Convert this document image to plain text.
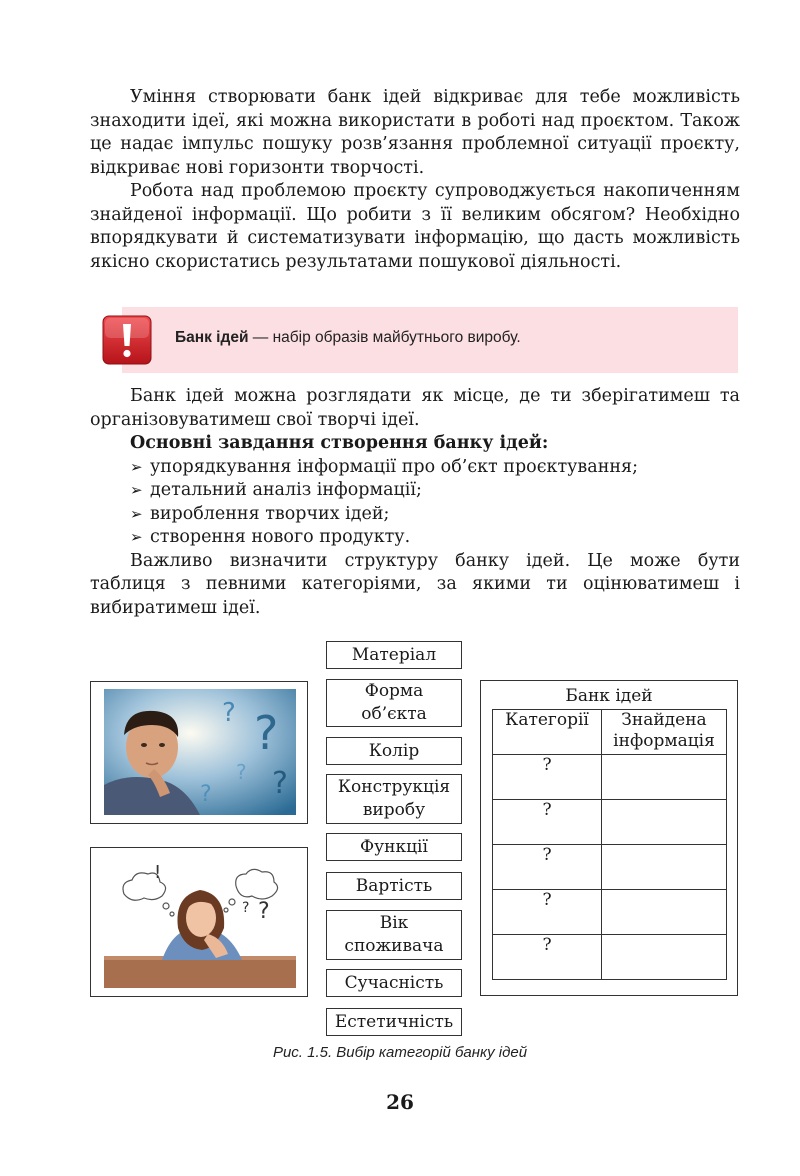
Уміння створювати банк ідей відкриває для тебе можливість знаходити ідеї, які можна використати в роботі над проєктом. Також це надає імпульс пошуку розв’язання проблемної ситуації проєкту, відкриває нові горизонти творчості.

Робота над проблемою проєкту супроводжується накопиченням знайденої інформації. Що робити з її великим обсягом? Необхідно впорядкувати й систематизувати інформацію, що дасть можливість якісно скористатись результатами пошукової діяльності.

Банк ідей — набір образів майбутнього виробу.

Банк ідей можна розглядати як місце, де ти зберігатимеш та організовуватимеш свої творчі ідеї.

Основні завдання створення банку ідей:

➢ упорядкування інформації про об’єкт проєктування;

➢ детальний аналіз інформації;

➢ вироблення творчих ідей;

➢ створення нового продукту.

Важливо визначити структуру банку ідей. Це може бути таблиця з певними категоріями, за якими ти оцінюватимеш і вибиратимеш ідеї.

?
?
?
?
?
!
?
?
Матеріал
Форма об’єкта
Колір
Конструкція виробу
Функції
Вартість
Вік споживача
Сучасність
Естетичність
Банк ідей
Категорії	Знайдена інформація
?	
?	
?	
?	
?	
Рис. 1.5. Вибір категорій банку ідей
26
